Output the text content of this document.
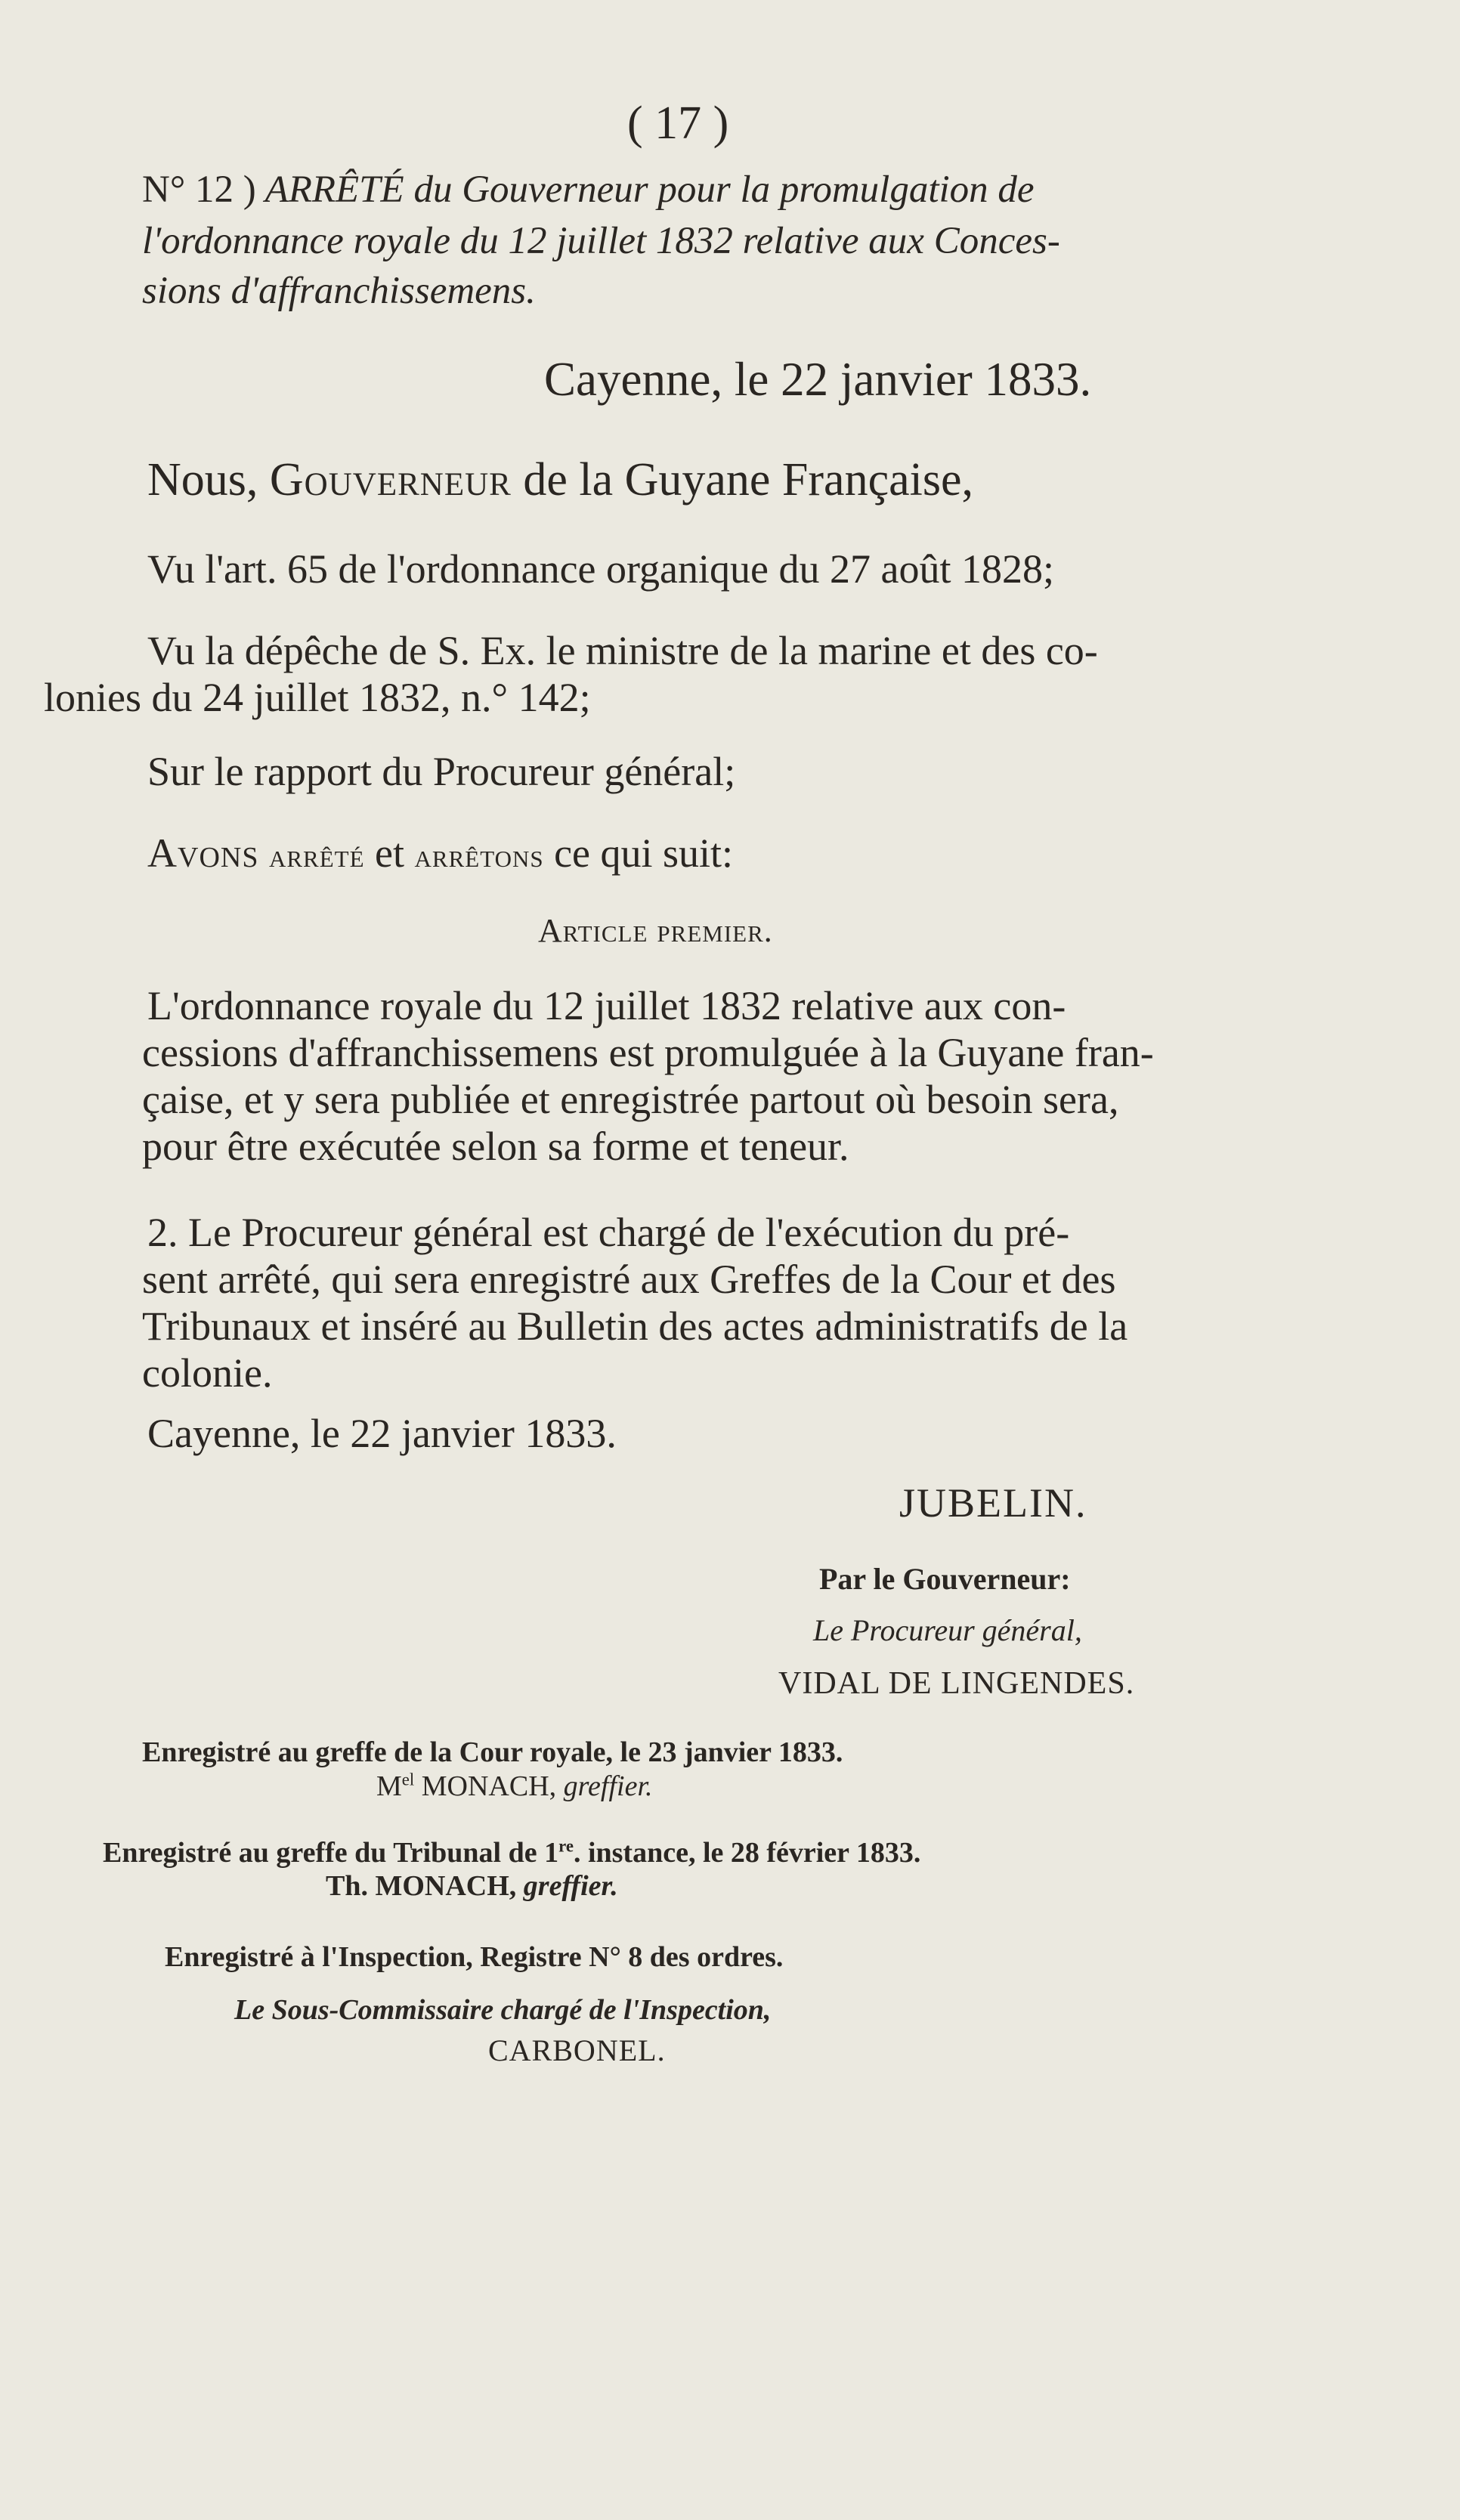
( 17 )
N° 12 ) ARRÊTÉ du Gouverneur pour la promulgation de
l'ordonnance royale du 12 juillet 1832 relative aux Conces-
sions d'affranchissemens.
Cayenne, le 22 janvier 1833.
Nous, Gouverneur de la Guyane Française,
Vu l'art. 65 de l'ordonnance organique du 27 août 1828;
Vu la dépêche de S. Ex. le ministre de la marine et des co-
lonies du 24 juillet 1832, n.° 142;
Sur le rapport du Procureur général;
Avons arrêté et arrêtons ce qui suit:
Article premier.
L'ordonnance royale du 12 juillet 1832 relative aux con-
cessions d'affranchissemens est promulguée à la Guyane fran-
çaise, et y sera publiée et enregistrée partout où besoin sera,
pour être exécutée selon sa forme et teneur.
2. Le Procureur général est chargé de l'exécution du pré-
sent arrêté, qui sera enregistré aux Greffes de la Cour et des
Tribunaux et inséré au Bulletin des actes administratifs de la
colonie.
Cayenne, le 22 janvier 1833.
JUBELIN.
Par le Gouverneur:
Le Procureur général,
VIDAL DE LINGENDES.
Enregistré au greffe de la Cour royale, le 23 janvier 1833.
$M^{el}$ MONACH, greffier.
Enregistré au greffe du Tribunal de 1re. instance, le 28 février 1833.
Th. MONACH, greffier.
Enregistré à l'Inspection, Registre N° 8 des ordres.
Le Sous-Commissaire chargé de l'Inspection,
CARBONEL.
